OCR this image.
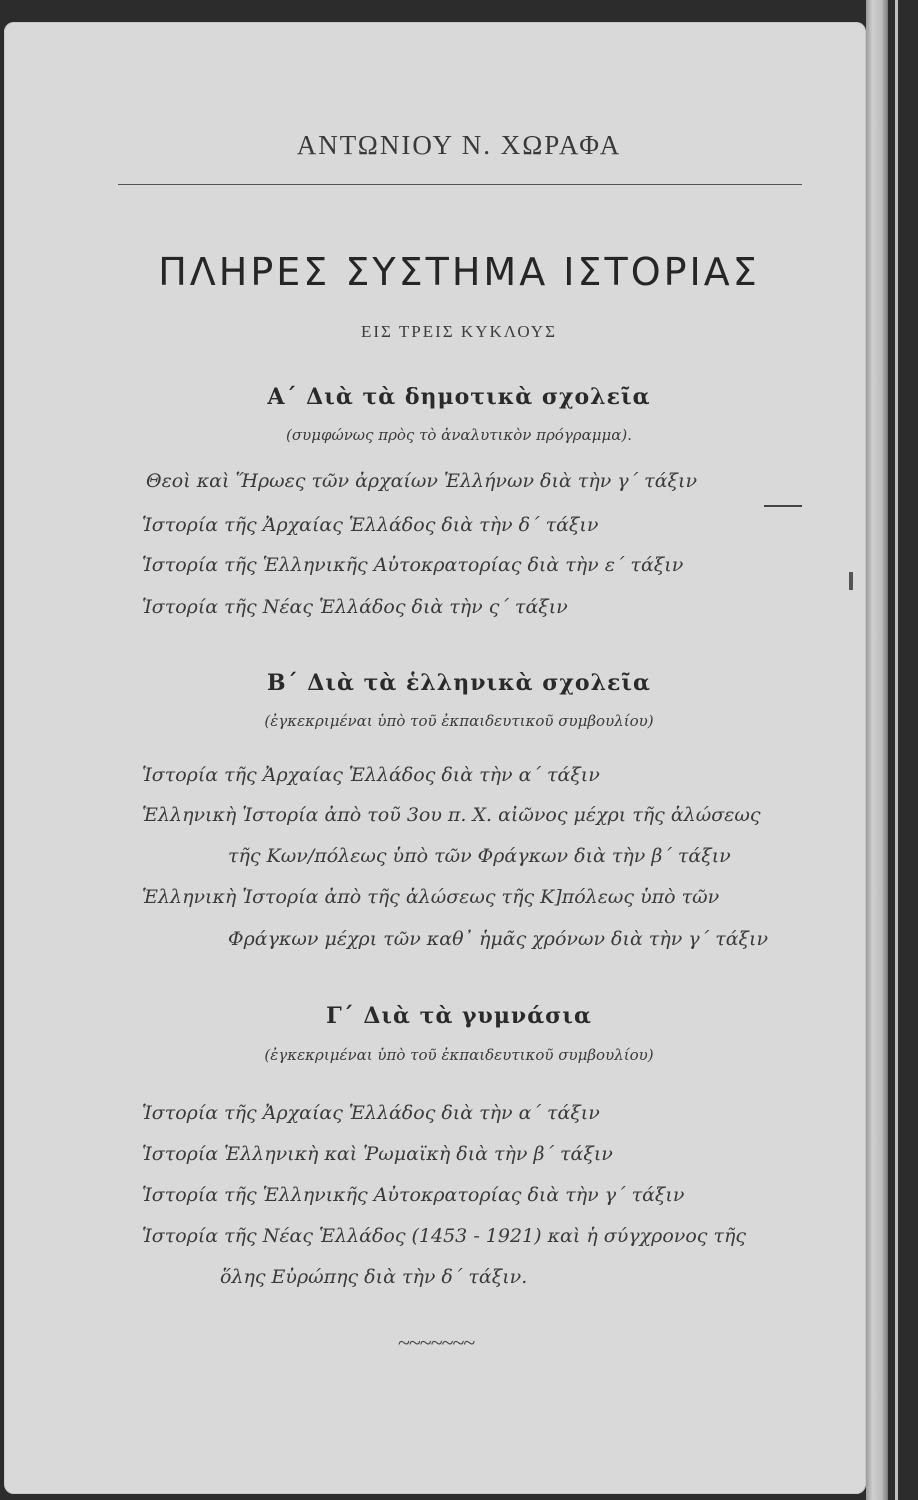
ΑΝΤΩΝΙΟΥ Ν. ΧΩΡΑΦΑ
ΠΛΗΡΕΣ ΣΥΣΤΗΜΑ ΙΣΤΟΡΙΑΣ
ΕΙΣ ΤΡΕΙΣ ΚΥΚΛΟΥΣ
Α΄ Διὰ τὰ δημοτικὰ σχολεῖα
(συμφώνως πρὸς τὸ ἀναλυτικὸν πρόγραμμα).
Θεοὶ καὶ Ἥρωες τῶν ἀρχαίων Ἑλλήνων διὰ τὴν γ΄ τάξιν
Ἱστορία τῆς Ἀρχαίας Ἑλλάδος διὰ τὴν δ΄ τάξιν
Ἱστορία τῆς Ἑλληνικῆς Αὐτοκρατορίας διὰ τὴν ε΄ τάξιν
Ἱστορία τῆς Νέας Ἑλλάδος διὰ τὴν ς΄ τάξιν
Β΄ Διὰ τὰ ἑλληνικὰ σχολεῖα
(ἐγκεκριμέναι ὑπὸ τοῦ ἐκπαιδευτικοῦ συμβουλίου)
Ἱστορία τῆς Ἀρχαίας Ἑλλάδος διὰ τὴν α΄ τάξιν
Ἑλληνικὴ Ἱστορία ἀπὸ τοῦ 3ου π. Χ. αἰῶνος μέχρι τῆς ἁλώσεως
τῆς Κων/πόλεως ὑπὸ τῶν Φράγκων διὰ τὴν β΄ τάξιν
Ἑλληνικὴ Ἱστορία ἀπὸ τῆς ἁλώσεως τῆς Κ]πόλεως ὑπὸ τῶν
Φράγκων μέχρι τῶν καθ᾿ ἡμᾶς χρόνων διὰ τὴν γ΄ τάξιν
Γ΄ Διὰ τὰ γυμνάσια
(ἐγκεκριμέναι ὑπὸ τοῦ ἐκπαιδευτικοῦ συμβουλίου)
Ἱστορία τῆς Ἀρχαίας Ἑλλάδος διὰ τὴν α΄ τάξιν
Ἱστορία Ἑλληνικὴ καὶ Ῥωμαϊκὴ διὰ τὴν β΄ τάξιν
Ἱστορία τῆς Ἑλληνικῆς Αὐτοκρατορίας διὰ τὴν γ΄ τάξιν
Ἱστορία τῆς Νέας Ἑλλάδος (1453 - 1921) καὶ ἡ σύγχρονος τῆς
ὅλης Εὐρώπης διὰ τὴν δ΄ τάξιν.
~~~~~~~
